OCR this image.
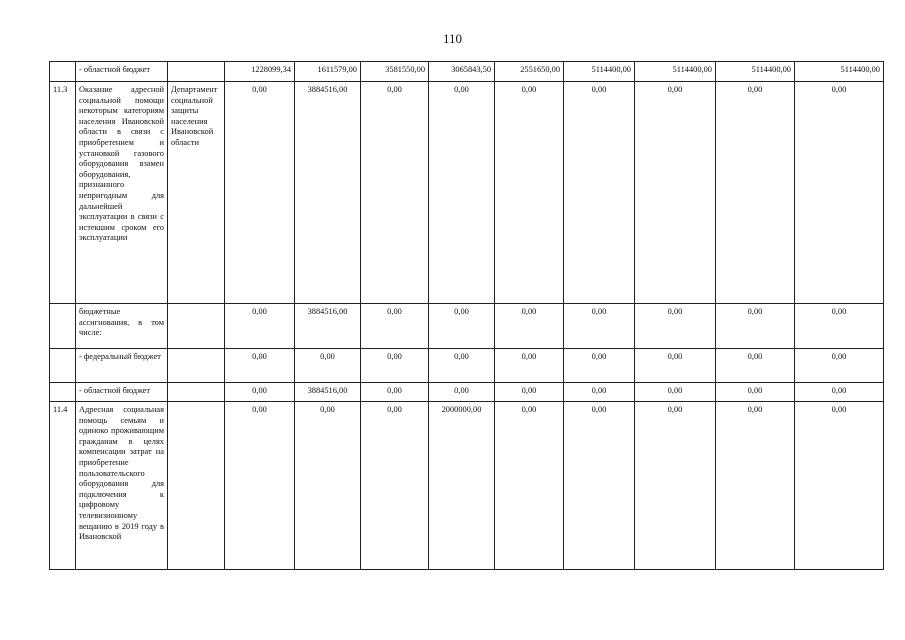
110
	- областной бюджет		1228099,34	1611579,00	3581550,00	3065843,50	2551650,00	5114400,00	5114400,00	5114400,00	5114400,00
11.3	Оказание адресной социальной помощи некоторым категориям населения Ивановской области в связи с приобретением и установкой газового оборудования взамен оборудования, признанного непригодным для дальнейшей эксплуатации в связи с истекшим сроком его эксплуатации	Департамент социальной защиты населения Ивановской области	0,00	3884516,00	0,00	0,00	0,00	0,00	0,00	0,00	0,00
	бюджетные ассигнования, в том числе:		0,00	3884516,00	0,00	0,00	0,00	0,00	0,00	0,00	0,00
	- федеральный бюджет		0,00	0,00	0,00	0,00	0,00	0,00	0,00	0,00	0,00
	- областной бюджет		0,00	3884516,00	0,00	0,00	0,00	0,00	0,00	0,00	0,00
11.4	Адресная социальная помощь семьям и одиноко проживающим гражданам в целях компенсации затрат на приобретение пользовательского оборудования для подключения к цифровому телевизионному вещанию в 2019 году в Ивановской		0,00	0,00	0,00	2000000,00	0,00	0,00	0,00	0,00	0,00
